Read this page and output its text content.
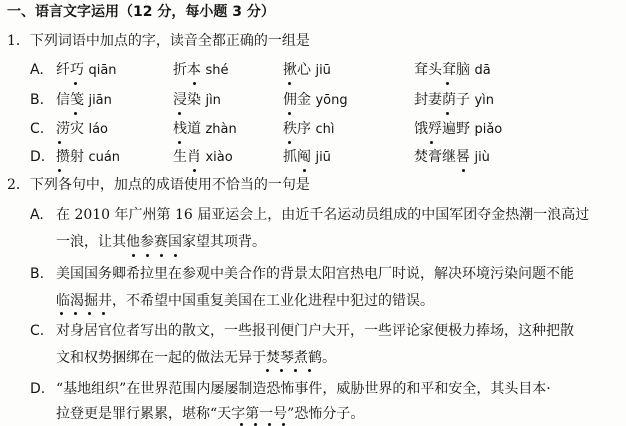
一、语言文字运用（12 分，每小题 3 分）
1．下列词语中加点的字，读音全都正确的一组是
A. 纤巧 qiān	折本 shé	揪心 jiū	耷头耷脑 dā
B. 信笺 jiān	浸染 jìn	佣金 yōng	封妻荫子 yìn
C. 涝灾 láo	栈道 zhàn	秩序 chì	饿殍遍野 piǎo
D. 攒射 cuán	生肖 xiào	抓阄 jiū	焚膏继晷 jiù
2．下列各句中，加点的成语使用不恰当的一句是
A. 在 2010 年广州第 16 届亚运会上，由近千名运动员组成的中国军团夺金热潮一浪高过
一浪，让其他参赛国家望其项背。
B. 美国国务卿希拉里在参观中美合作的背景太阳宫热电厂时说，解决环境污染问题不能
临渴掘井，不希望中国重复美国在工业化进程中犯过的错误。
C. 对身居官位者写出的散文，一些报刊便门户大开，一些评论家便极力捧场，这种把散
文和权势捆绑在一起的做法无异于焚琴煮鹤。
D. “基地组织”在世界范围内屡屡制造恐怖事件，威胁世界的和平和安全，其头目本·
拉登更是罪行累累，堪称“天字第一号”恐怖分子。
